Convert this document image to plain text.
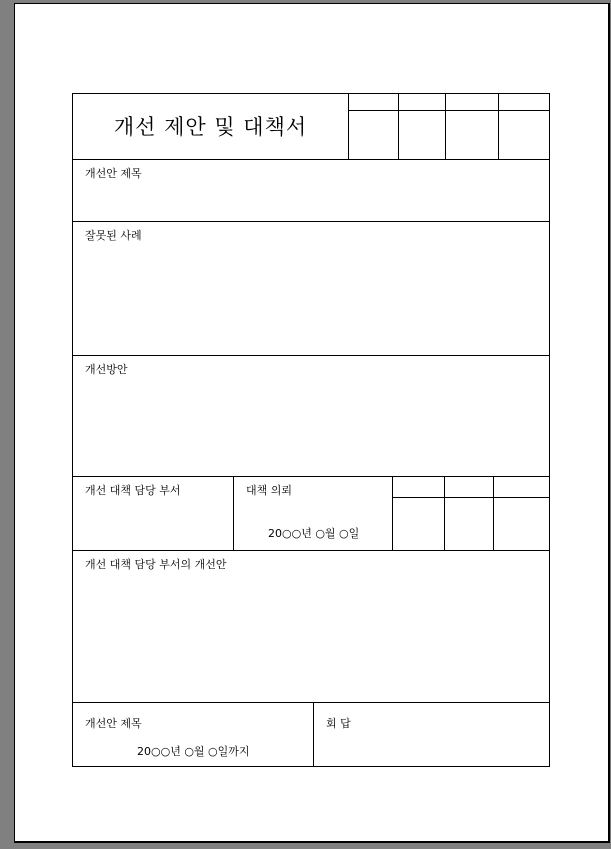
개선 제안 및 대책서
개선안 제목
잘못된 사례
개선방안
개선 대책 담당 부서	대책 의뢰
20○○년 ○월 ○일
개선 대책 담당 부서의 개선안
개선안 제목
20○○년 ○월 ○일까지
회 답
